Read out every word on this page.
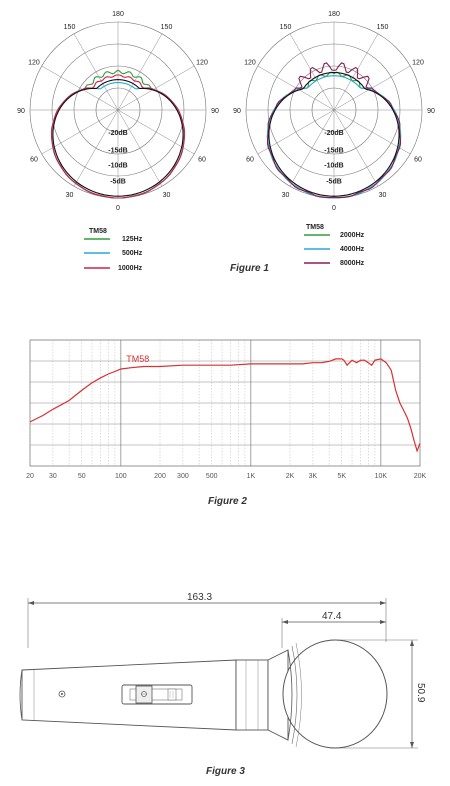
180
150	150
120	120
90	90
60	60
30	30
0
-20dB
-15dB
-10dB
-5dB
180
150	150
120	120
90	90
60	60
30	30
0
-20dB
-15dB
-10dB
-5dB
TM58
125Hz
500Hz
1000Hz
TM58
2000Hz
4000Hz
8000Hz
Figure 1
20 30	50	100	200 300 500	1K	2K 3K	5K	10K	20K
TM58
Figure 2
163.3
47.4
50.9
Figure 3
